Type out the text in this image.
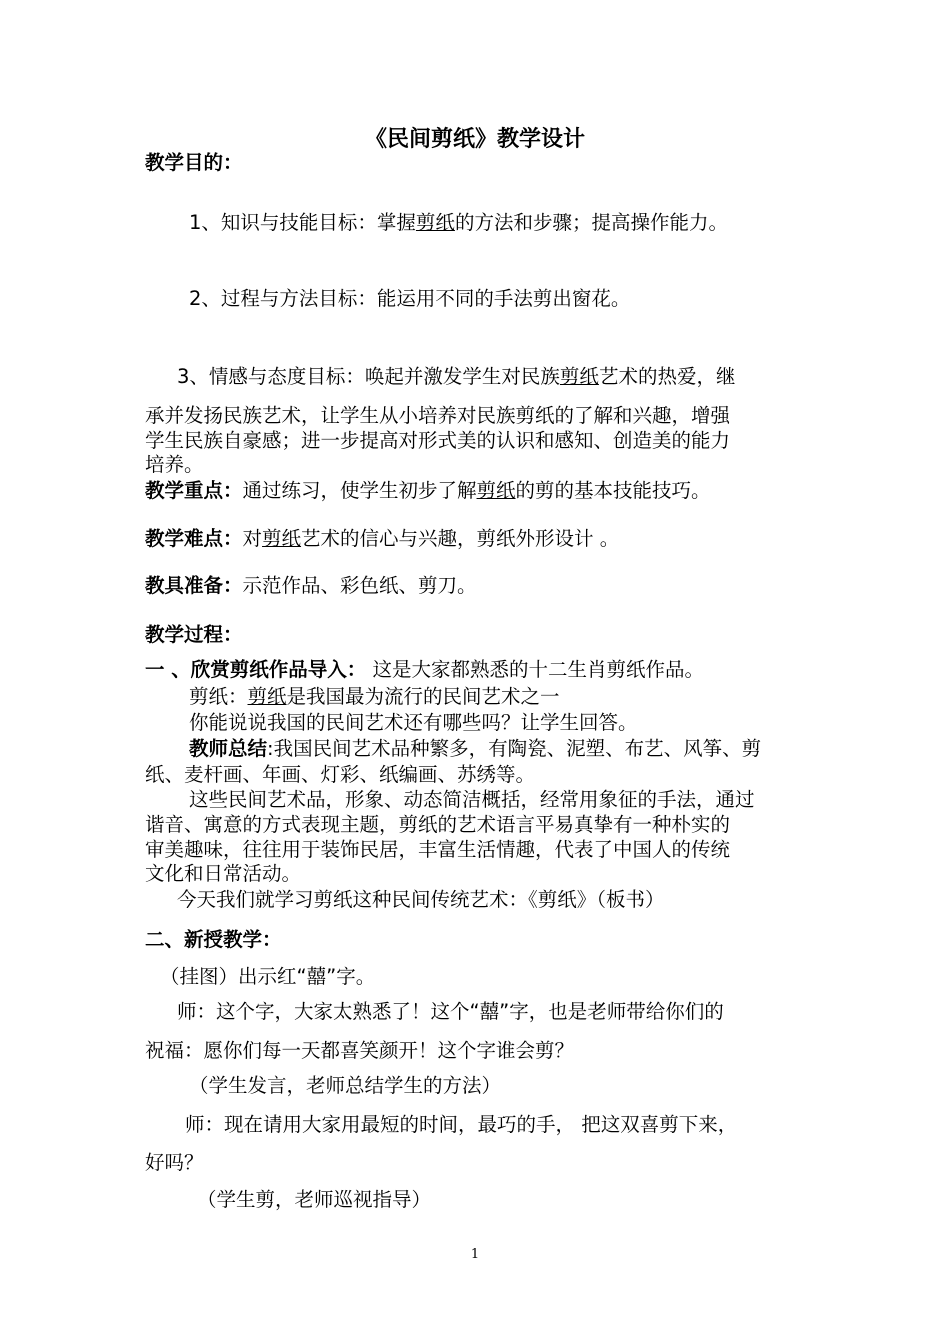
《民间剪纸》教学设计
教学目的：
1、知识与技能目标：掌握剪纸的方法和步骤；提高操作能力。
2、过程与方法目标：能运用不同的手法剪出窗花。
3、情感与态度目标：唤起并激发学生对民族剪纸艺术的热爱，继
承并发扬民族艺术，让学生从小培养对民族剪纸的了解和兴趣，增强
学生民族自豪感；进一步提高对形式美的认识和感知、创造美的能力
培养。
教学重点：通过练习，使学生初步了解剪纸的剪的基本技能技巧。
教学难点：对剪纸艺术的信心与兴趣，剪纸外形设计 。
教具准备：示范作品、彩色纸、剪刀。
教学过程：
一 、欣赏剪纸作品导入： 这是大家都熟悉的十二生肖剪纸作品。
剪纸：剪纸是我国最为流行的民间艺术之一
你能说说我国的民间艺术还有哪些吗？让学生回答。
教师总结:我国民间艺术品种繁多，有陶瓷、泥塑、布艺、风筝、剪
纸、麦杆画、年画、灯彩、纸编画、苏绣等。
这些民间艺术品，形象、动态简洁概括，经常用象征的手法，通过
谐音、寓意的方式表现主题，剪纸的艺术语言平易真挚有一种朴实的
审美趣味，往往用于装饰民居，丰富生活情趣，代表了中国人的传统
文化和日常活动。
今天我们就学习剪纸这种民间传统艺术：《剪纸》（板书）
二、新授教学：
（挂图）出示红“囍”字。
师：这个字，大家太熟悉了！这个“囍”字，也是老师带给你们的
祝福：愿你们每一天都喜笑颜开！这个字谁会剪？
（学生发言，老师总结学生的方法）
师：现在请用大家用最短的时间，最巧的手， 把这双喜剪下来，
好吗？
（学生剪，老师巡视指导）
1
